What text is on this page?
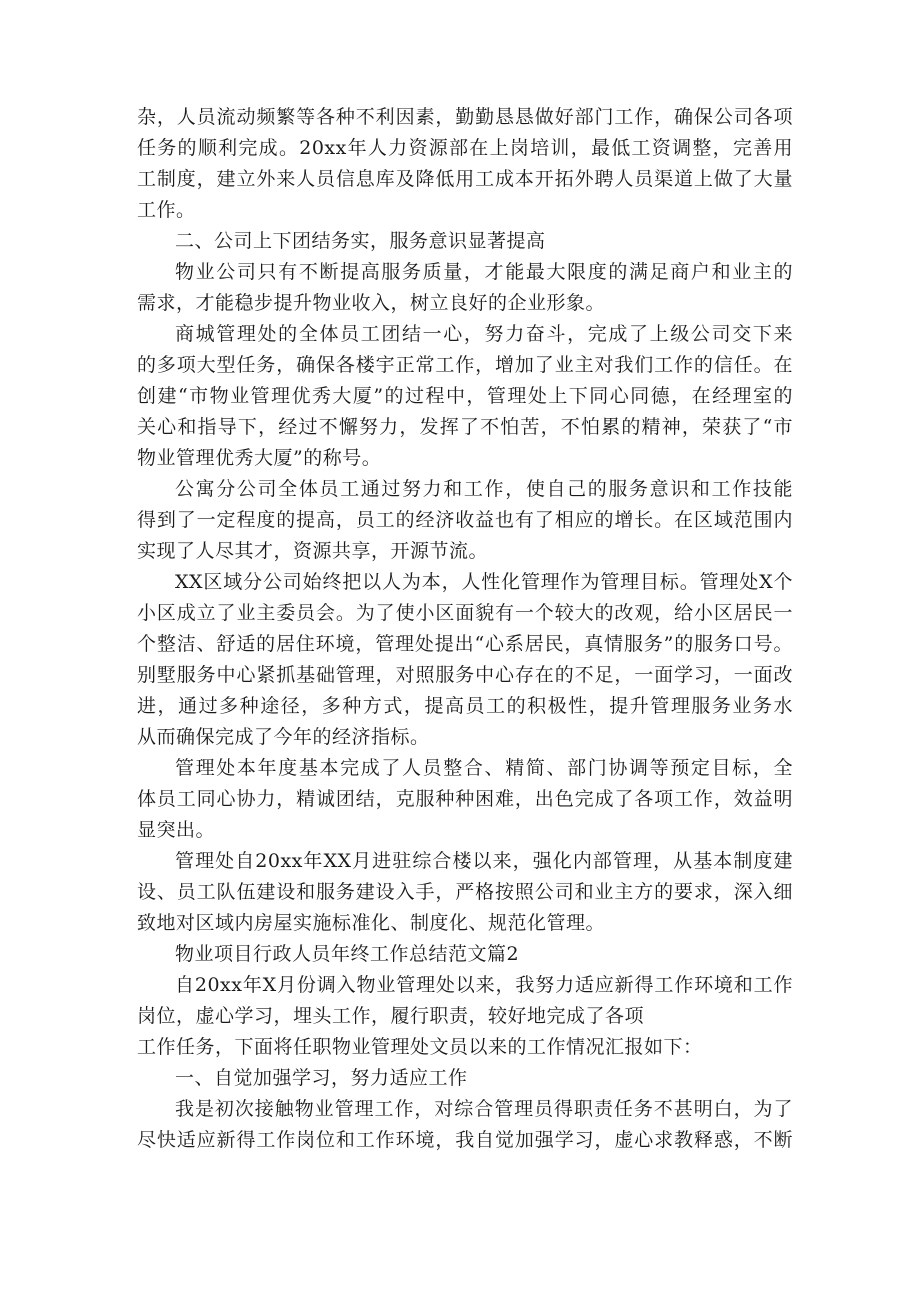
杂，人员流动频繁等各种不利因素，勤勤恳恳做好部门工作，确保公司各项
任务的顺利完成。20xx年人力资源部在上岗培训，最低工资调整，完善用
工制度，建立外来人员信息库及降低用工成本开拓外聘人员渠道上做了大量
工作。
二、公司上下团结务实，服务意识显著提高
物业公司只有不断提高服务质量，才能最大限度的满足商户和业主的
需求，才能稳步提升物业收入，树立良好的企业形象。
商城管理处的全体员工团结一心，努力奋斗，完成了上级公司交下来
的多项大型任务，确保各楼宇正常工作，增加了业主对我们工作的信任。在
创建“市物业管理优秀大厦”的过程中，管理处上下同心同德，在经理室的
关心和指导下，经过不懈努力，发挥了不怕苦，不怕累的精神，荣获了“市
物业管理优秀大厦”的称号。
公寓分公司全体员工通过努力和工作，使自己的服务意识和工作技能
得到了一定程度的提高，员工的经济收益也有了相应的增长。在区域范围内
实现了人尽其才，资源共享，开源节流。
XX区域分公司始终把以人为本，人性化管理作为管理目标。管理处X个
小区成立了业主委员会。为了使小区面貌有一个较大的改观，给小区居民一
个整洁、舒适的居住环境，管理处提出“心系居民，真情服务”的服务口号。
别墅服务中心紧抓基础管理，对照服务中心存在的不足，一面学习，一面改
进，通过多种途径，多种方式，提高员工的积极性，提升管理服务业务水
从而确保完成了今年的经济指标。
管理处本年度基本完成了人员整合、精简、部门协调等预定目标，全
体员工同心协力，精诚团结，克服种种困难，出色完成了各项工作，效益明
显突出。
管理处自20xx年XX月进驻综合楼以来，强化内部管理，从基本制度建
设、员工队伍建设和服务建设入手，严格按照公司和业主方的要求，深入细
致地对区域内房屋实施标准化、制度化、规范化管理。
物业项目行政人员年终工作总结范文篇2
自20xx年X月份调入物业管理处以来，我努力适应新得工作环境和工作
岗位，虚心学习，埋头工作，履行职责，较好地完成了各项
工作任务，下面将任职物业管理处文员以来的工作情况汇报如下：
一、自觉加强学习，努力适应工作
我是初次接触物业管理工作，对综合管理员得职责任务不甚明白，为了
尽快适应新得工作岗位和工作环境，我自觉加强学习，虚心求教释惑，不断
